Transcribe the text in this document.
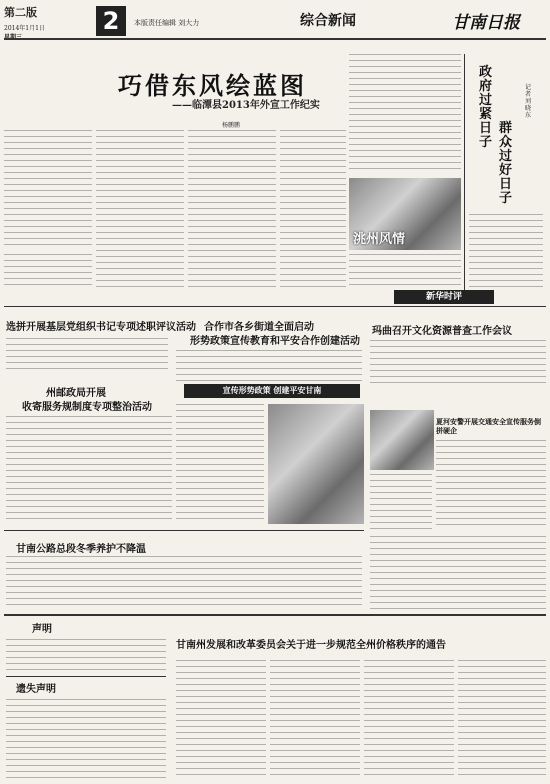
第二版
2014年1月1日	2	本版责任编辑 刘大力	综合新闻	甘南日报
巧借东风绘蓝图
——临潭县2013年外宣工作纪实
杨鹏鹏
洮州风情
政府过紧日子
群众过好日子
记者 刘晓东
新华时评
选拼开展基层党组织书记专项述职评议活动 合作市各乡街道全面启动
形势政策宣传教育和平安合作创建活动
玛曲召开文化资源普查工作会议
州邮政局开展
收寄服务规制度专项整治活动
宣传形势政策 创建平安甘南
夏河安警开展交通安全宣传服务倒拼硬企
甘南公路总段冬季养护不降温
声明
遗失声明
甘南州发展和改革委员会关于进一步规范全州价格秩序的通告
